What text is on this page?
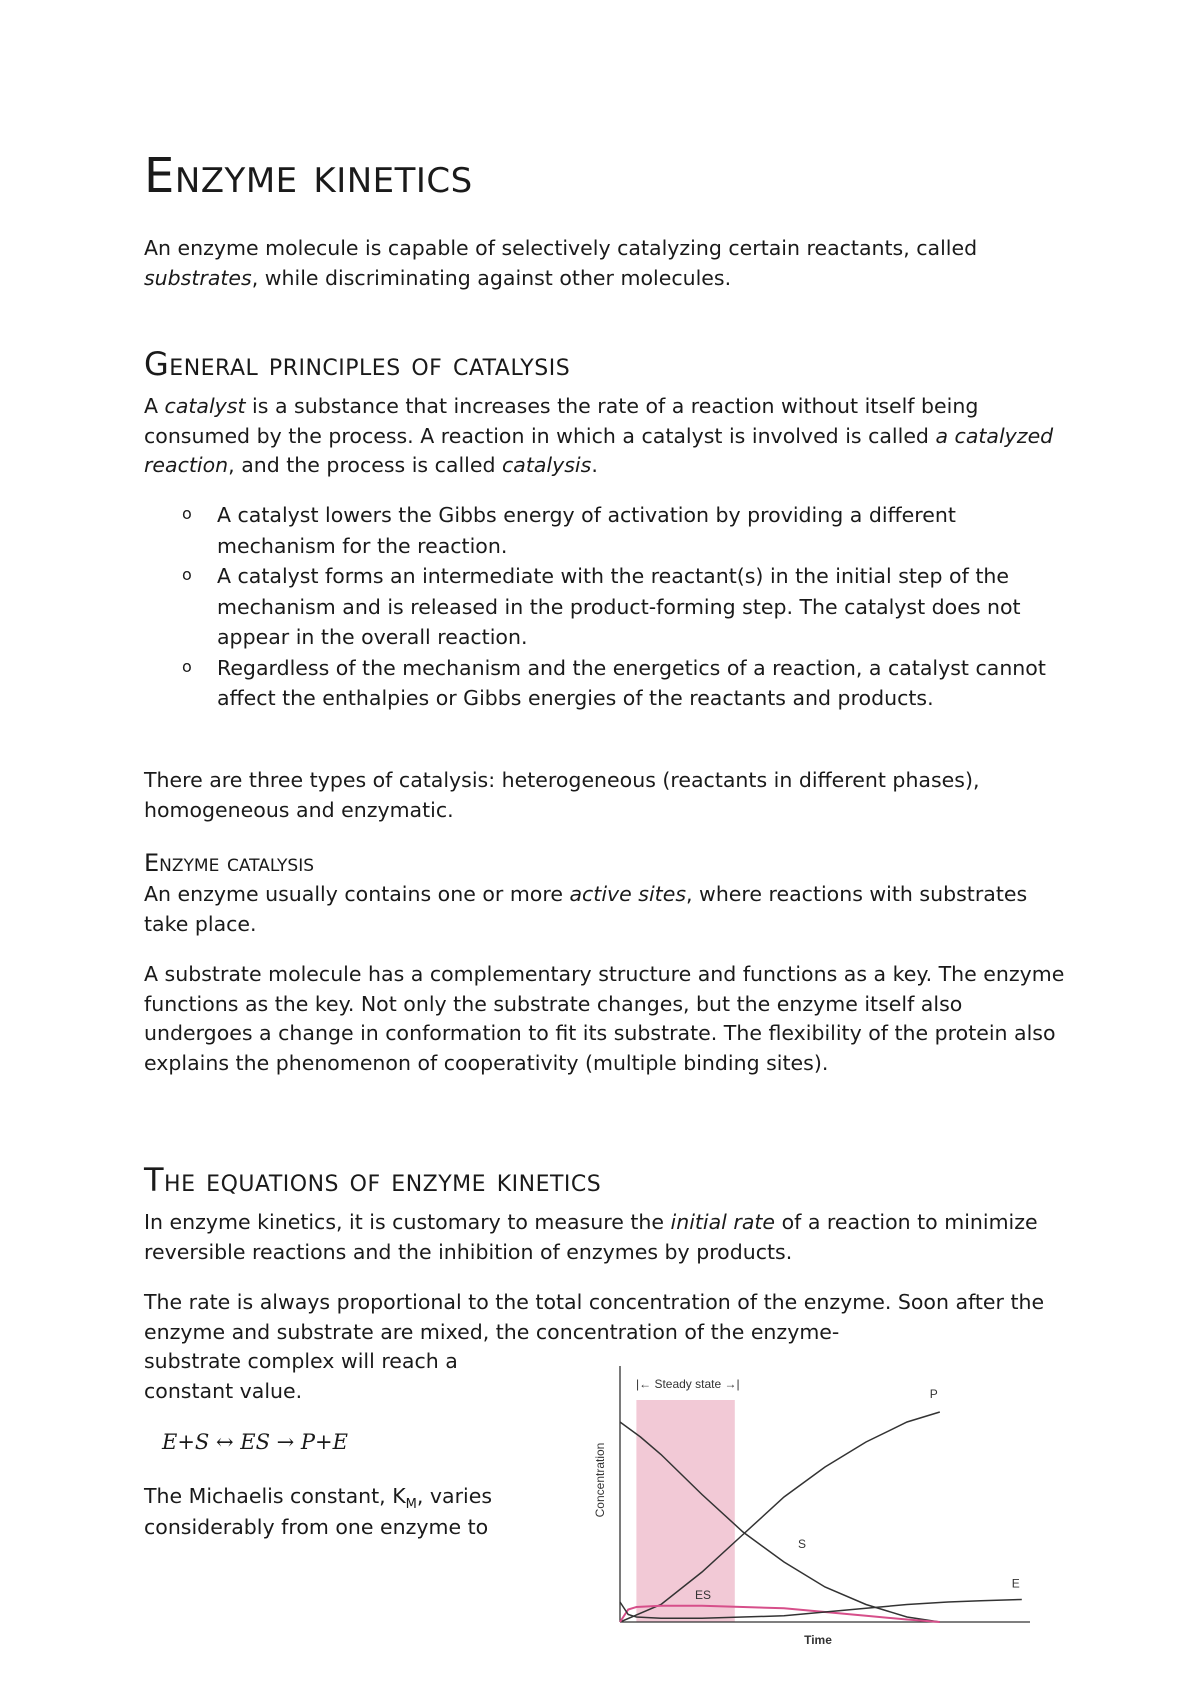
Enzyme kinetics

An enzyme molecule is capable of selectively catalyzing certain reactants, called substrates, while discriminating against other molecules.

General principles of catalysis

A catalyst is a substance that increases the rate of a reaction without itself being consumed by the process. A reaction in which a catalyst is involved is called a catalyzed reaction, and the process is called catalysis.

o A catalyst lowers the Gibbs energy of activation by providing a different mechanism for the reaction.
o A catalyst forms an intermediate with the reactant(s) in the initial step of the mechanism and is released in the product-forming step. The catalyst does not appear in the overall reaction.
o Regardless of the mechanism and the energetics of a reaction, a catalyst cannot affect the enthalpies or Gibbs energies of the reactants and products.

There are three types of catalysis: heterogeneous (reactants in different phases), homogeneous and enzymatic.

Enzyme catalysis

An enzyme usually contains one or more active sites, where reactions with substrates take place.

A substrate molecule has a complementary structure and functions as a key. The enzyme functions as the key. Not only the substrate changes, but the enzyme itself also undergoes a change in conformation to fit its substrate. The flexibility of the protein also explains the phenomenon of cooperativity (multiple binding sites).

The equations of enzyme kinetics

In enzyme kinetics, it is customary to measure the initial rate of a reaction to minimize reversible reactions and the inhibition of enzymes by products.

The rate is always proportional to the total concentration of the enzyme. Soon after the enzyme and substrate are mixed, the concentration of the enzyme-

substrate complex will reach a

constant value.

E+S ↔ ES → P+E

The Michaelis constant, $K_M$, varies

considerably from one enzyme to

|← Steady state →|
Time
Concentration
P
S
ES
E
